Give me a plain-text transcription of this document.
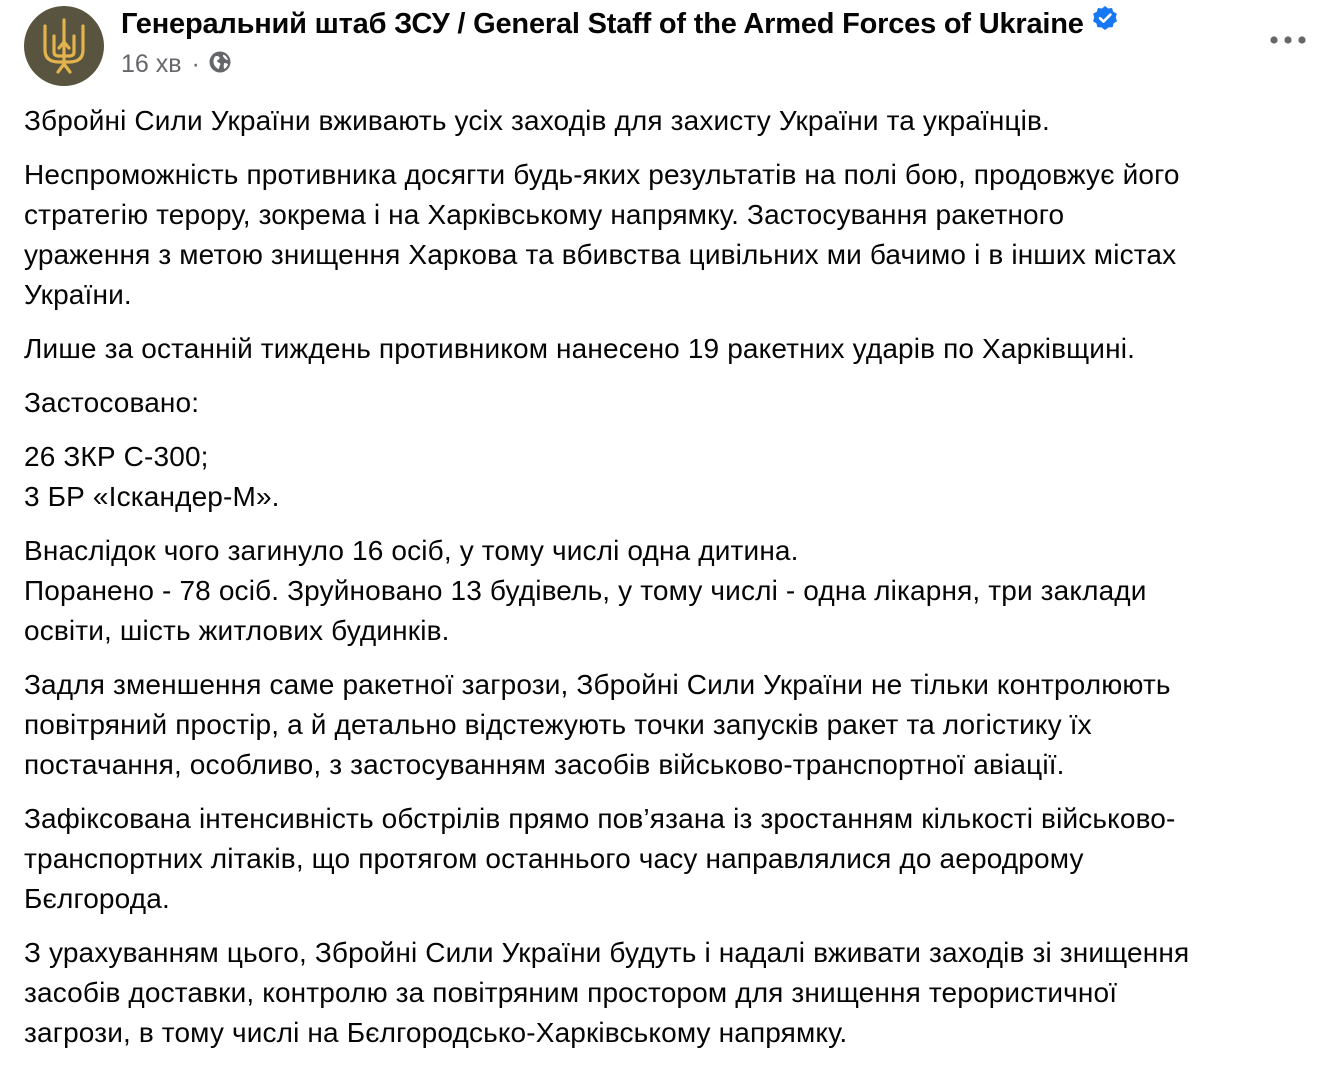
Генеральний штаб ЗСУ / General Staff of the Armed Forces of Ukraine
16 хв ·

Збройні Сили України вживають усіх заходів для захисту України та українців.

Неспроможність противника досягти будь-яких результатів на полі бою, продовжує його
стратегію терору, зокрема і на Харківському напрямку. Застосування ракетного
ураження з метою знищення Харкова та вбивства цивільних ми бачимо і в інших містах
України.

Лише за останній тиждень противником нанесено 19 ракетних ударів по Харківщині.

Застосовано:

26 ЗКР С-300;
3 БР «Іскандер-М».

Внаслідок чого загинуло 16 осіб, у тому числі одна дитина.
Поранено - 78 осіб. Зруйновано 13 будівель, у тому числі - одна лікарня, три заклади
освіти, шість житлових будинків.

Задля зменшення саме ракетної загрози, Збройні Сили України не тільки контролюють
повітряний простір, а й детально відстежують точки запусків ракет та логістику їх
постачання, особливо, з застосуванням засобів військово-транспортної авіації.

Зафіксована інтенсивність обстрілів прямо пов’язана із зростанням кількості військово-
транспортних літаків, що протягом останнього часу направлялися до аеродрому
Бєлгорода.

З урахуванням цього, Збройні Сили України будуть і надалі вживати заходів зі знищення
засобів доставки, контролю за повітряним простором для знищення терористичної
загрози, в тому числі на Бєлгородсько-Харківському напрямку.
